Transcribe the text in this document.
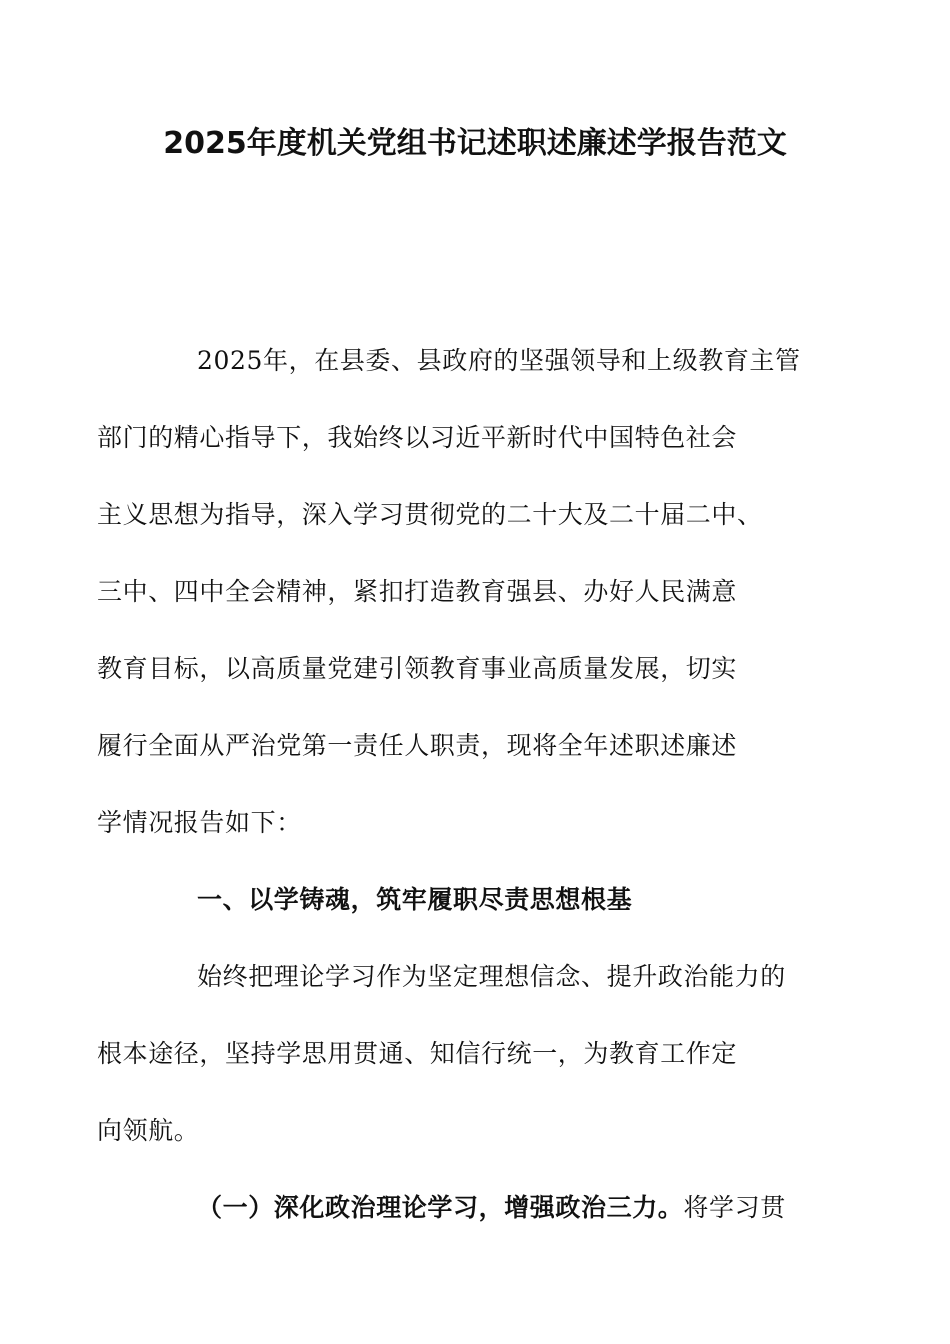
2025年度机关党组书记述职述廉述学报告范文

2025年，在县委、县政府的坚强领导和上级教育主管
部门的精心指导下，我始终以习近平新时代中国特色社会
主义思想为指导，深入学习贯彻党的二十大及二十届二中、
三中、四中全会精神，紧扣打造教育强县、办好人民满意
教育目标，以高质量党建引领教育事业高质量发展，切实
履行全面从严治党第一责任人职责，现将全年述职述廉述
学情况报告如下：

一、以学铸魂，筑牢履职尽责思想根基

始终把理论学习作为坚定理想信念、提升政治能力的
根本途径，坚持学思用贯通、知信行统一，为教育工作定
向领航。

（一）深化政治理论学习，增强政治三力。将学习贯
